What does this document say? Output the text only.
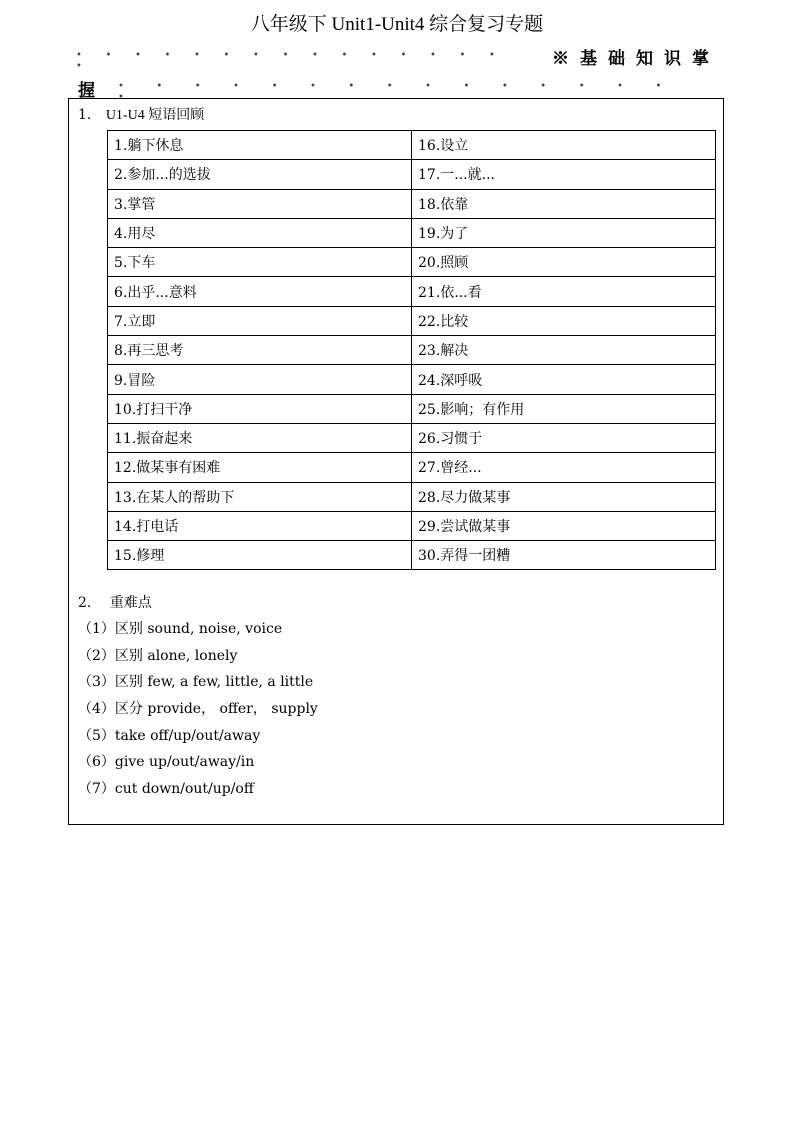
八年级下 Unit1-Unit4 综合复习专题
• • • • • • • • • • • • • • ••	※基础知识掌
握 •	•	•	•	•	•	•	•	•	•	•	•	•	•	••
1. U1-U4 短语回顾
1.躺下休息	16.设立
2.参加...的选拔	17.一...就...
3.掌管	18.依靠
4.用尽	19.为了
5.下车	20.照顾
6.出乎...意料	21.依...看
7.立即	22.比较
8.再三思考	23.解决
9.冒险	24.深呼吸
10.打扫干净	25.影响；有作用
11.振奋起来	26.习惯于
12.做某事有困难	27.曾经...
13.在某人的帮助下	28.尽力做某事
14.打电话	29.尝试做某事
15.修理	30.弄得一团糟
2. 重难点
（1）区别 sound, noise, voice
（2）区别 alone, lonely
（3）区别 few, a few, little, a little
（4）区分 provide， offer， supply
（5）take off/up/out/away
（6）give up/out/away/in
（7）cut down/out/up/off
